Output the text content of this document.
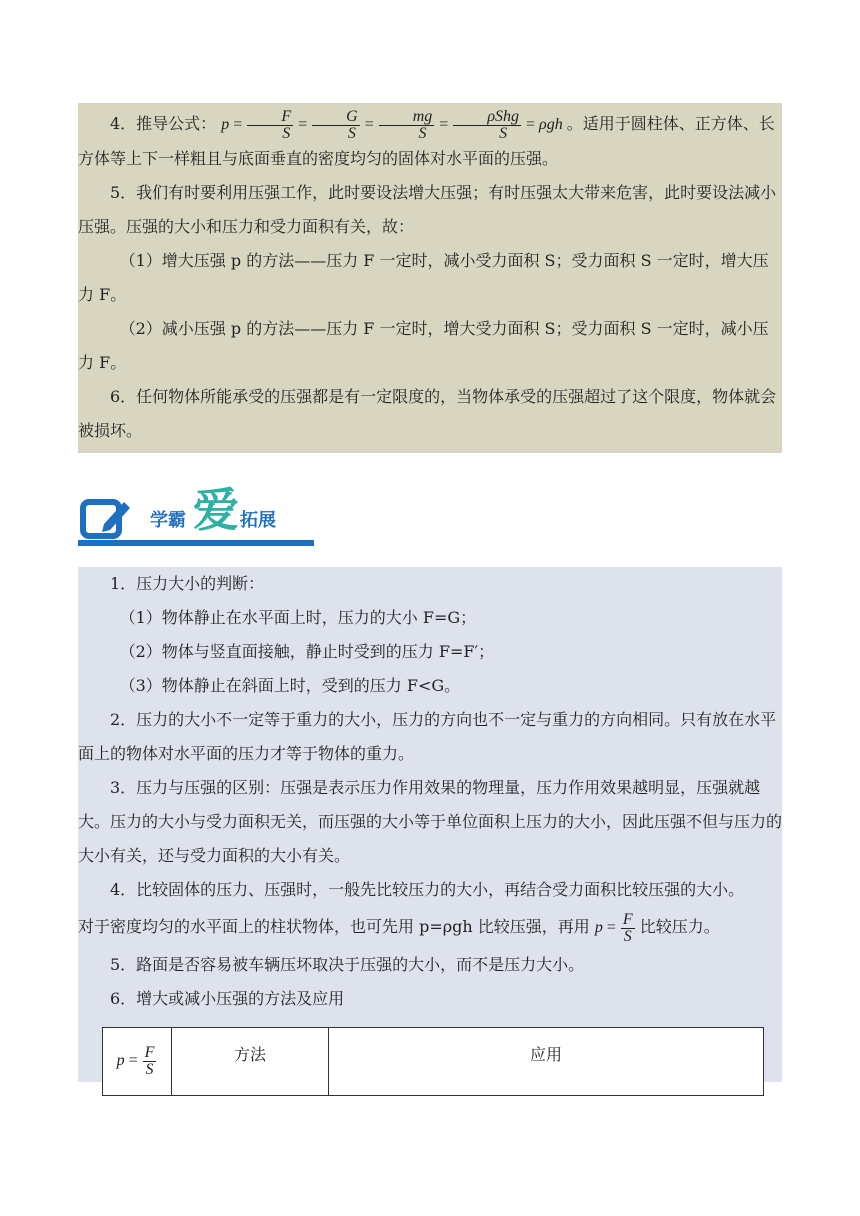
4．推导公式： $p = \frac{F}{S} = \frac{G}{S} = \frac{mg}{S} = \frac{\text{ρShg}}{S} = \rho gh$ 。适用于圆柱体、正方体、长方体等上下一样粗且与底面垂直的密度均匀的固体对水平面的压强。

5．我们有时要利用压强工作，此时要设法增大压强；有时压强太大带来危害，此时要设法减小压强。压强的大小和压力和受力面积有关，故：

（1）增大压强 p 的方法——压力 F 一定时，减小受力面积 S；受力面积 S 一定时，增大压力 F。

（2）减小压强 p 的方法——压力 F 一定时，增大受力面积 S；受力面积 S 一定时，减小压力 F。

6．任何物体所能承受的压强都是有一定限度的，当物体承受的压强超过了这个限度，物体就会被损坏。

学霸 爱 拓展

1．压力大小的判断：

（1）物体静止在水平面上时，压力的大小 F=G；

（2）物体与竖直面接触，静止时受到的压力 F=F′；

（3）物体静止在斜面上时，受到的压力 F<G。

2．压力的大小不一定等于重力的大小，压力的方向也不一定与重力的方向相同。只有放在水平面上的物体对水平面的压力才等于物体的重力。

3．压力与压强的区别：压强是表示压力作用效果的物理量，压力作用效果越明显，压强就越大。压力的大小与受力面积无关，而压强的大小等于单位面积上压力的大小，因此压强不但与压力的大小有关，还与受力面积的大小有关。

4．比较固体的压力、压强时，一般先比较压力的大小，再结合受力面积比较压强的大小。

对于密度均匀的水平面上的柱状物体，也可先用 p=ρgh 比较压强，再用 $p = \frac{F}{S}$ 比较压力。

5．路面是否容易被车辆压坏取决于压强的大小，而不是压力大小。

6．增大或减小压强的方法及应用

$p = \frac{F}{S}$	方法	应用
